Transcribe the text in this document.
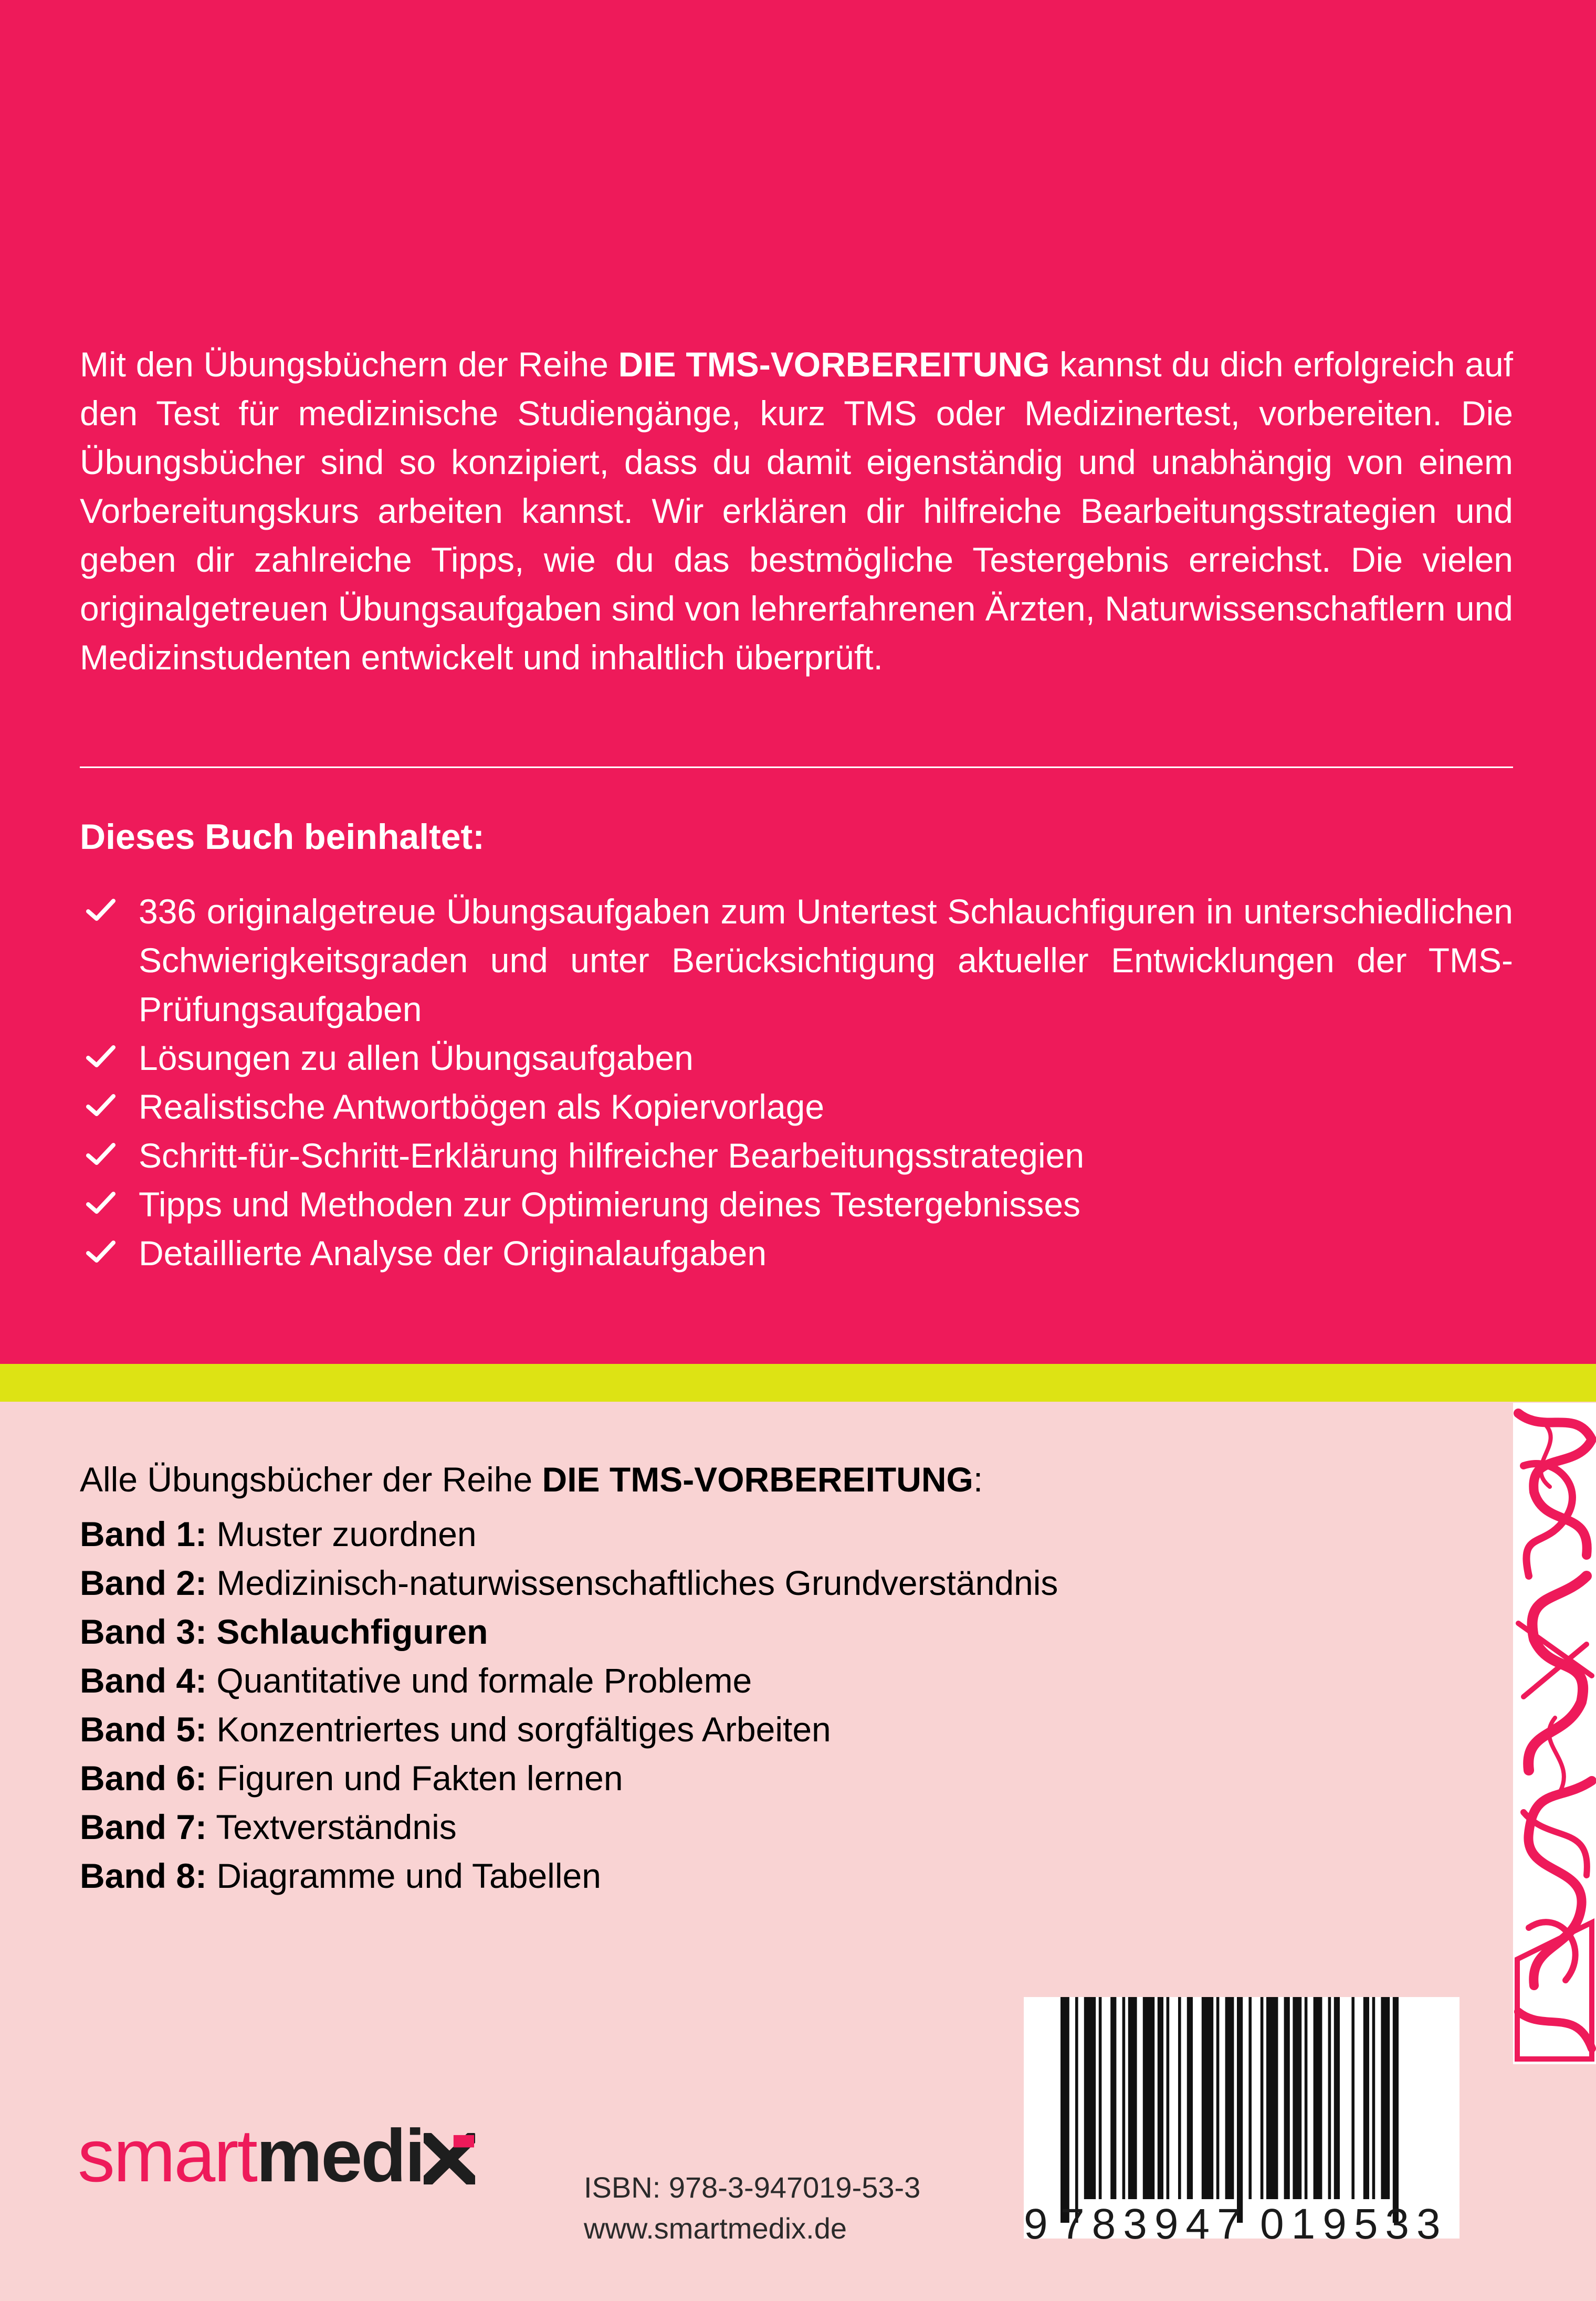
Mit den Übungsbüchern der Reihe DIE TMS-VORBEREITUNG kannst du dich erfolgreich auf den Test für medizinische Studiengänge, kurz TMS oder Medizinertest, vorbereiten. Die Übungsbücher sind so konzipiert, dass du damit eigenständig und unabhängig von einem Vorbereitungskurs arbeiten kannst. Wir erklären dir hilfreiche Bearbeitungsstrategien und geben dir zahlreiche Tipps, wie du das bestmögliche Testergebnis erreichst. Die vielen originalgetreuen Übungsaufgaben sind von lehrerfahrenen Ärzten, Naturwissenschaftlern und Medizinstudenten entwickelt und inhaltlich überprüft.

Dieses Buch beinhaltet:

336 originalgetreue Übungsaufgaben zum Untertest Schlauchfiguren in unterschiedlichen Schwierigkeitsgraden und unter Berücksichtigung aktueller Entwicklungen der TMS-Prüfungsaufgaben
Lösungen zu allen Übungsaufgaben
Realistische Antwortbögen als Kopiervorlage
Schritt-für-Schritt-Erklärung hilfreicher Bearbeitungsstrategien
Tipps und Methoden zur Optimierung deines Testergebnisses
Detaillierte Analyse der Originalaufgaben

Alle Übungsbücher der Reihe DIE TMS-VORBEREITUNG:

Band 1: Muster zuordnen
Band 2: Medizinisch-naturwissenschaftliches Grundverständnis
Band 3: Schlauchfiguren
Band 4: Quantitative und formale Probleme
Band 5: Konzentriertes und sorgfältiges Arbeiten
Band 6: Figuren und Fakten lernen
Band 7: Textverständnis
Band 8: Diagramme und Tabellen
smartmedi	ISBN: 978-3-947019-53-3
www.smartmedix.de	9 783947 019533
